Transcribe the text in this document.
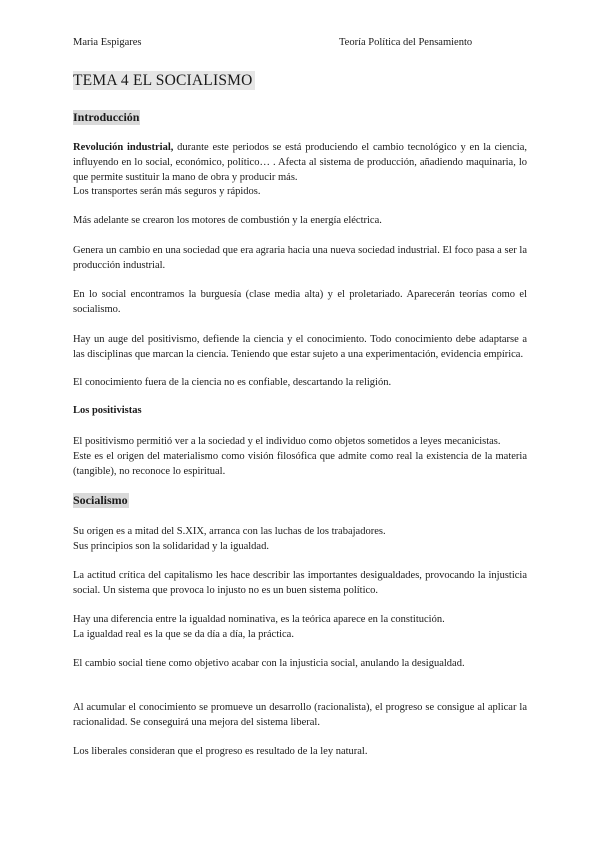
Maria Espigares	Teoría Política del Pensamiento
TEMA 4 EL SOCIALISMO
Introducción

Revolución industrial, durante este periodos se está produciendo el cambio tecnológico y en la ciencia, influyendo en lo social, económico, político… . Afecta al sistema de producción, añadiendo maquinaria, lo que permite sustituir la mano de obra y producir más.

Los transportes serán más seguros y rápidos.

Más adelante se crearon los motores de combustión y la energía eléctrica.

Genera un cambio en una sociedad que era agraria hacia una nueva sociedad industrial. El foco pasa a ser la producción industrial.

En lo social encontramos la burguesía (clase media alta) y el proletariado. Aparecerán teorías como el socialismo.

Hay un auge del positivismo, defiende la ciencia y el conocimiento. Todo conocimiento debe adaptarse a las disciplinas que marcan la ciencia. Teniendo que estar sujeto a una experimentación, evidencia empírica.

El conocimiento fuera de la ciencia no es confiable, descartando la religión.

Los positivistas

El positivismo permitió ver a la sociedad y el individuo como objetos sometidos a leyes mecanicistas.

Este es el origen del materialismo como visión filosófica que admite como real la existencia de la materia (tangible), no reconoce lo espiritual.

Socialismo

Su origen es a mitad del S.XIX, arranca con las luchas de los trabajadores.

Sus principios son la solidaridad y la igualdad.

La actitud crítica del capitalismo les hace describir las importantes desigualdades, provocando la injusticia social. Un sistema que provoca lo injusto no es un buen sistema político.

Hay una diferencia entre la igualdad nominativa, es la teórica aparece en la constitución.

La igualdad real es la que se da día a día, la práctica.

El cambio social tiene como objetivo acabar con la injusticia social, anulando la desigualdad.

Al acumular el conocimiento se promueve un desarrollo (racionalista), el progreso se consigue al aplicar la racionalidad. Se conseguirá una mejora del sistema liberal.

Los liberales consideran que el progreso es resultado de la ley natural.
